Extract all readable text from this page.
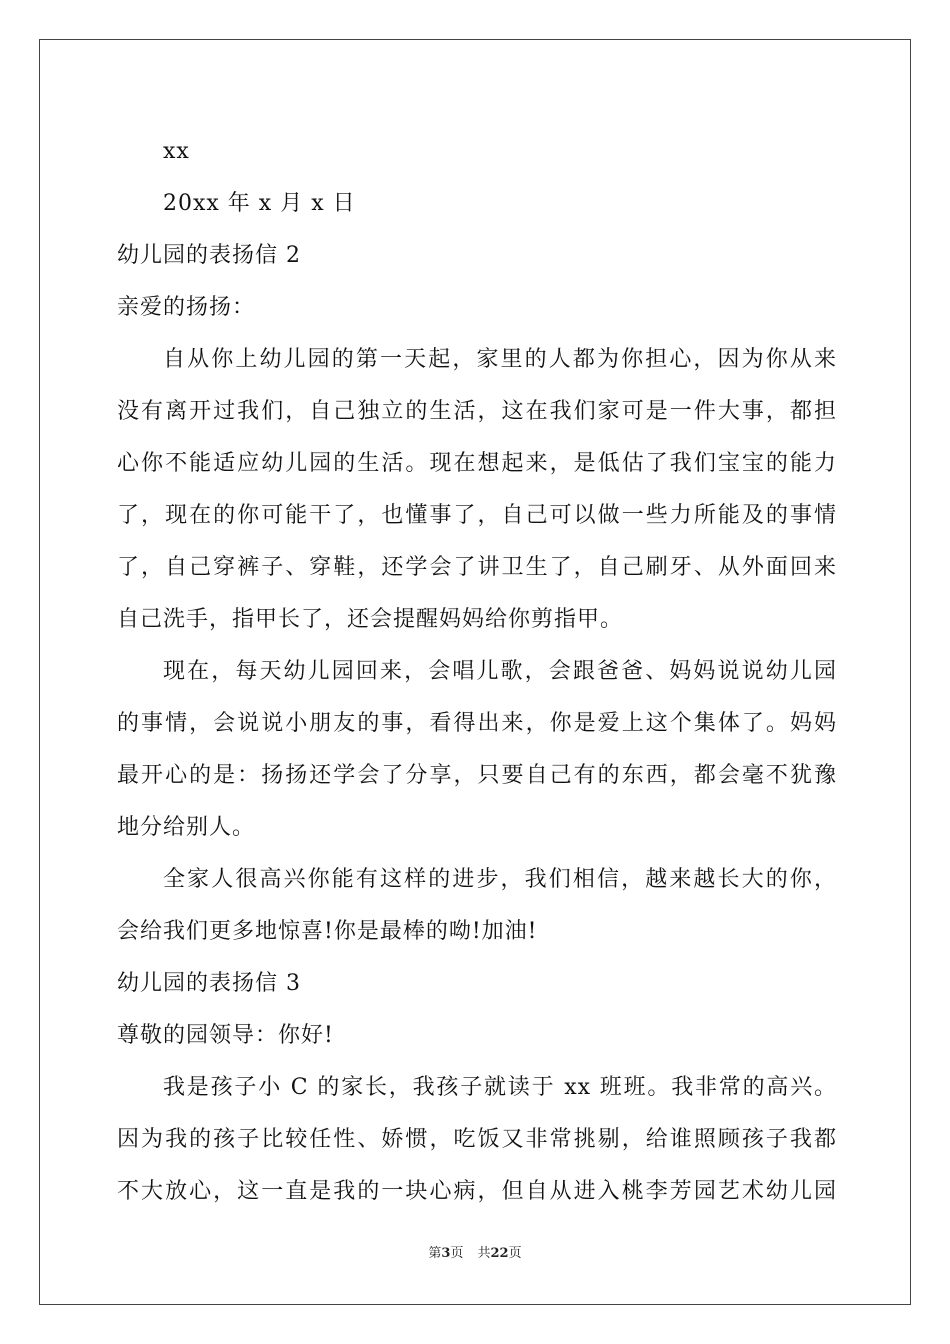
xx
20xx 年 x 月 x 日
幼儿园的表扬信 2
亲爱的扬扬：
自从你上幼儿园的第一天起，家里的人都为你担心，因为你从来
没有离开过我们，自己独立的生活，这在我们家可是一件大事，都担
心你不能适应幼儿园的生活。现在想起来，是低估了我们宝宝的能力
了，现在的你可能干了，也懂事了，自己可以做一些力所能及的事情
了，自己穿裤子、穿鞋，还学会了讲卫生了，自己刷牙、从外面回来
自己洗手，指甲长了，还会提醒妈妈给你剪指甲。
现在，每天幼儿园回来，会唱儿歌，会跟爸爸、妈妈说说幼儿园
的事情，会说说小朋友的事，看得出来，你是爱上这个集体了。妈妈
最开心的是：扬扬还学会了分享，只要自己有的东西，都会毫不犹豫
地分给别人。
全家人很高兴你能有这样的进步，我们相信，越来越长大的你，
会给我们更多地惊喜!你是最棒的呦!加油!
幼儿园的表扬信 3
尊敬的园领导：你好!
我是孩子小 C 的家长，我孩子就读于 xx 班班。我非常的高兴。
因为我的孩子比较任性、娇惯，吃饭又非常挑剔，给谁照顾孩子我都
不大放心，这一直是我的一块心病，但自从进入桃李芳园艺术幼儿园
第3页 共22页
